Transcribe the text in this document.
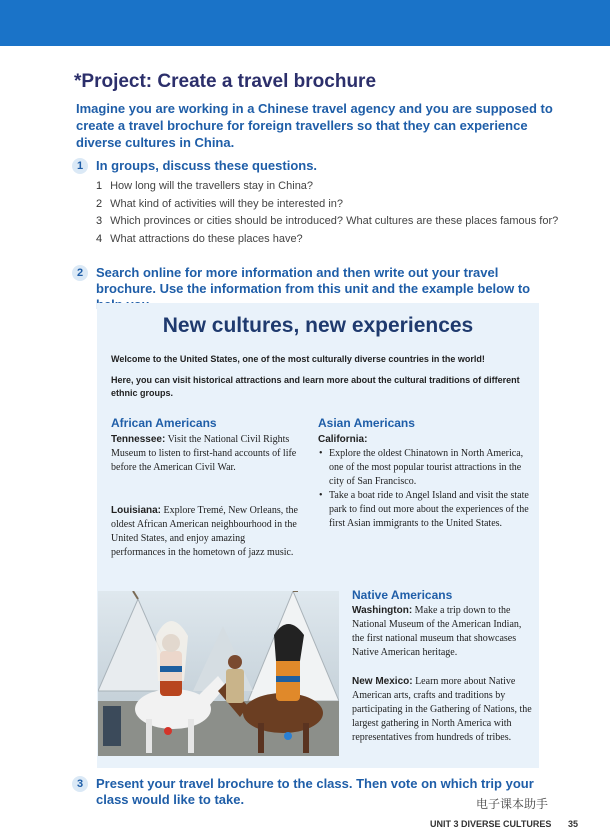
*Project: Create a travel brochure

Imagine you are working in a Chinese travel agency and you are supposed to create a travel brochure for foreign travellers so that they can experience diverse cultures in China.

1 In groups, discuss these questions.

1 How long will the travellers stay in China?
2 What kind of activities will they be interested in?
3 Which provinces or cities should be introduced? What cultures are these places famous for?
4 What attractions do these places have?
2 Search online for more information and then write out your travel brochure. Use the information from this unit and the example below to

New cultures, new experiences

Welcome to the United States, one of the most culturally diverse countries in the world!

Here, you can visit historical attractions and learn more about the cultural traditions of different ethnic groups.

African Americans

Tennessee: Visit the National Civil Rights Museum to listen to first-hand accounts of life before the American Civil War.

Louisiana: Explore Tremé, New Orleans, the oldest African American neighbourhood in the United States, and enjoy amazing performances in the hometown of jazz music.

Asian Americans

California:

• Explore the oldest Chinatown in North America, one of the most popular tourist attractions in the city of San Francisco.
• Take a boat ride to Angel Island and visit the state park to find out more about the experiences of the first Asian immigrants to the United States.
Native Americans

Washington: Make a trip down to the National Museum of the American Indian, the first national museum that showcases Native American heritage.

New Mexico: Learn more about Native American arts, crafts and traditions by participating in the Gathering of Nations, the largest gathering in North America with representatives from hundreds of tribes.

3 Present your travel brochure to the class. Then vote on which trip your class would like to take.	电子课本助手

UNIT 3 DIVERSE CULTURES 35
